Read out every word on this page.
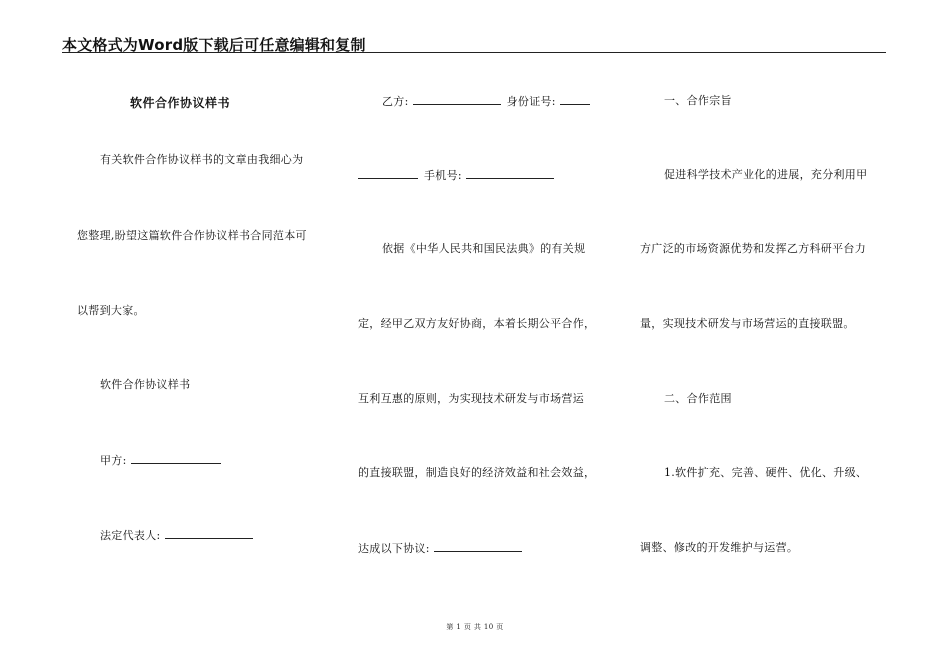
本文格式为Word版下载后可任意编辑和复制
软件合作协议样书
有关软件合作协议样书的文章由我细心为
您整理,盼望这篇软件合作协议样书合同范本可
以帮到大家。
软件合作协议样书
甲方:
法定代表人:
乙方:	身份证号:
手机号:
依据《中华人民共和国民法典》的有关规
定，经甲乙双方友好协商，本着长期公平合作，
互利互惠的原则，为实现技术研发与市场营运
的直接联盟，制造良好的经济效益和社会效益，
达成以下协议:
一、合作宗旨
促进科学技术产业化的进展，充分利用甲
方广泛的市场资源优势和发挥乙方科研平台力
量，实现技术研发与市场营运的直接联盟。
二、合作范围
1.软件扩充、完善、硬件、优化、升级、
调整、修改的开发维护与运营。
第 1 页 共 10 页
